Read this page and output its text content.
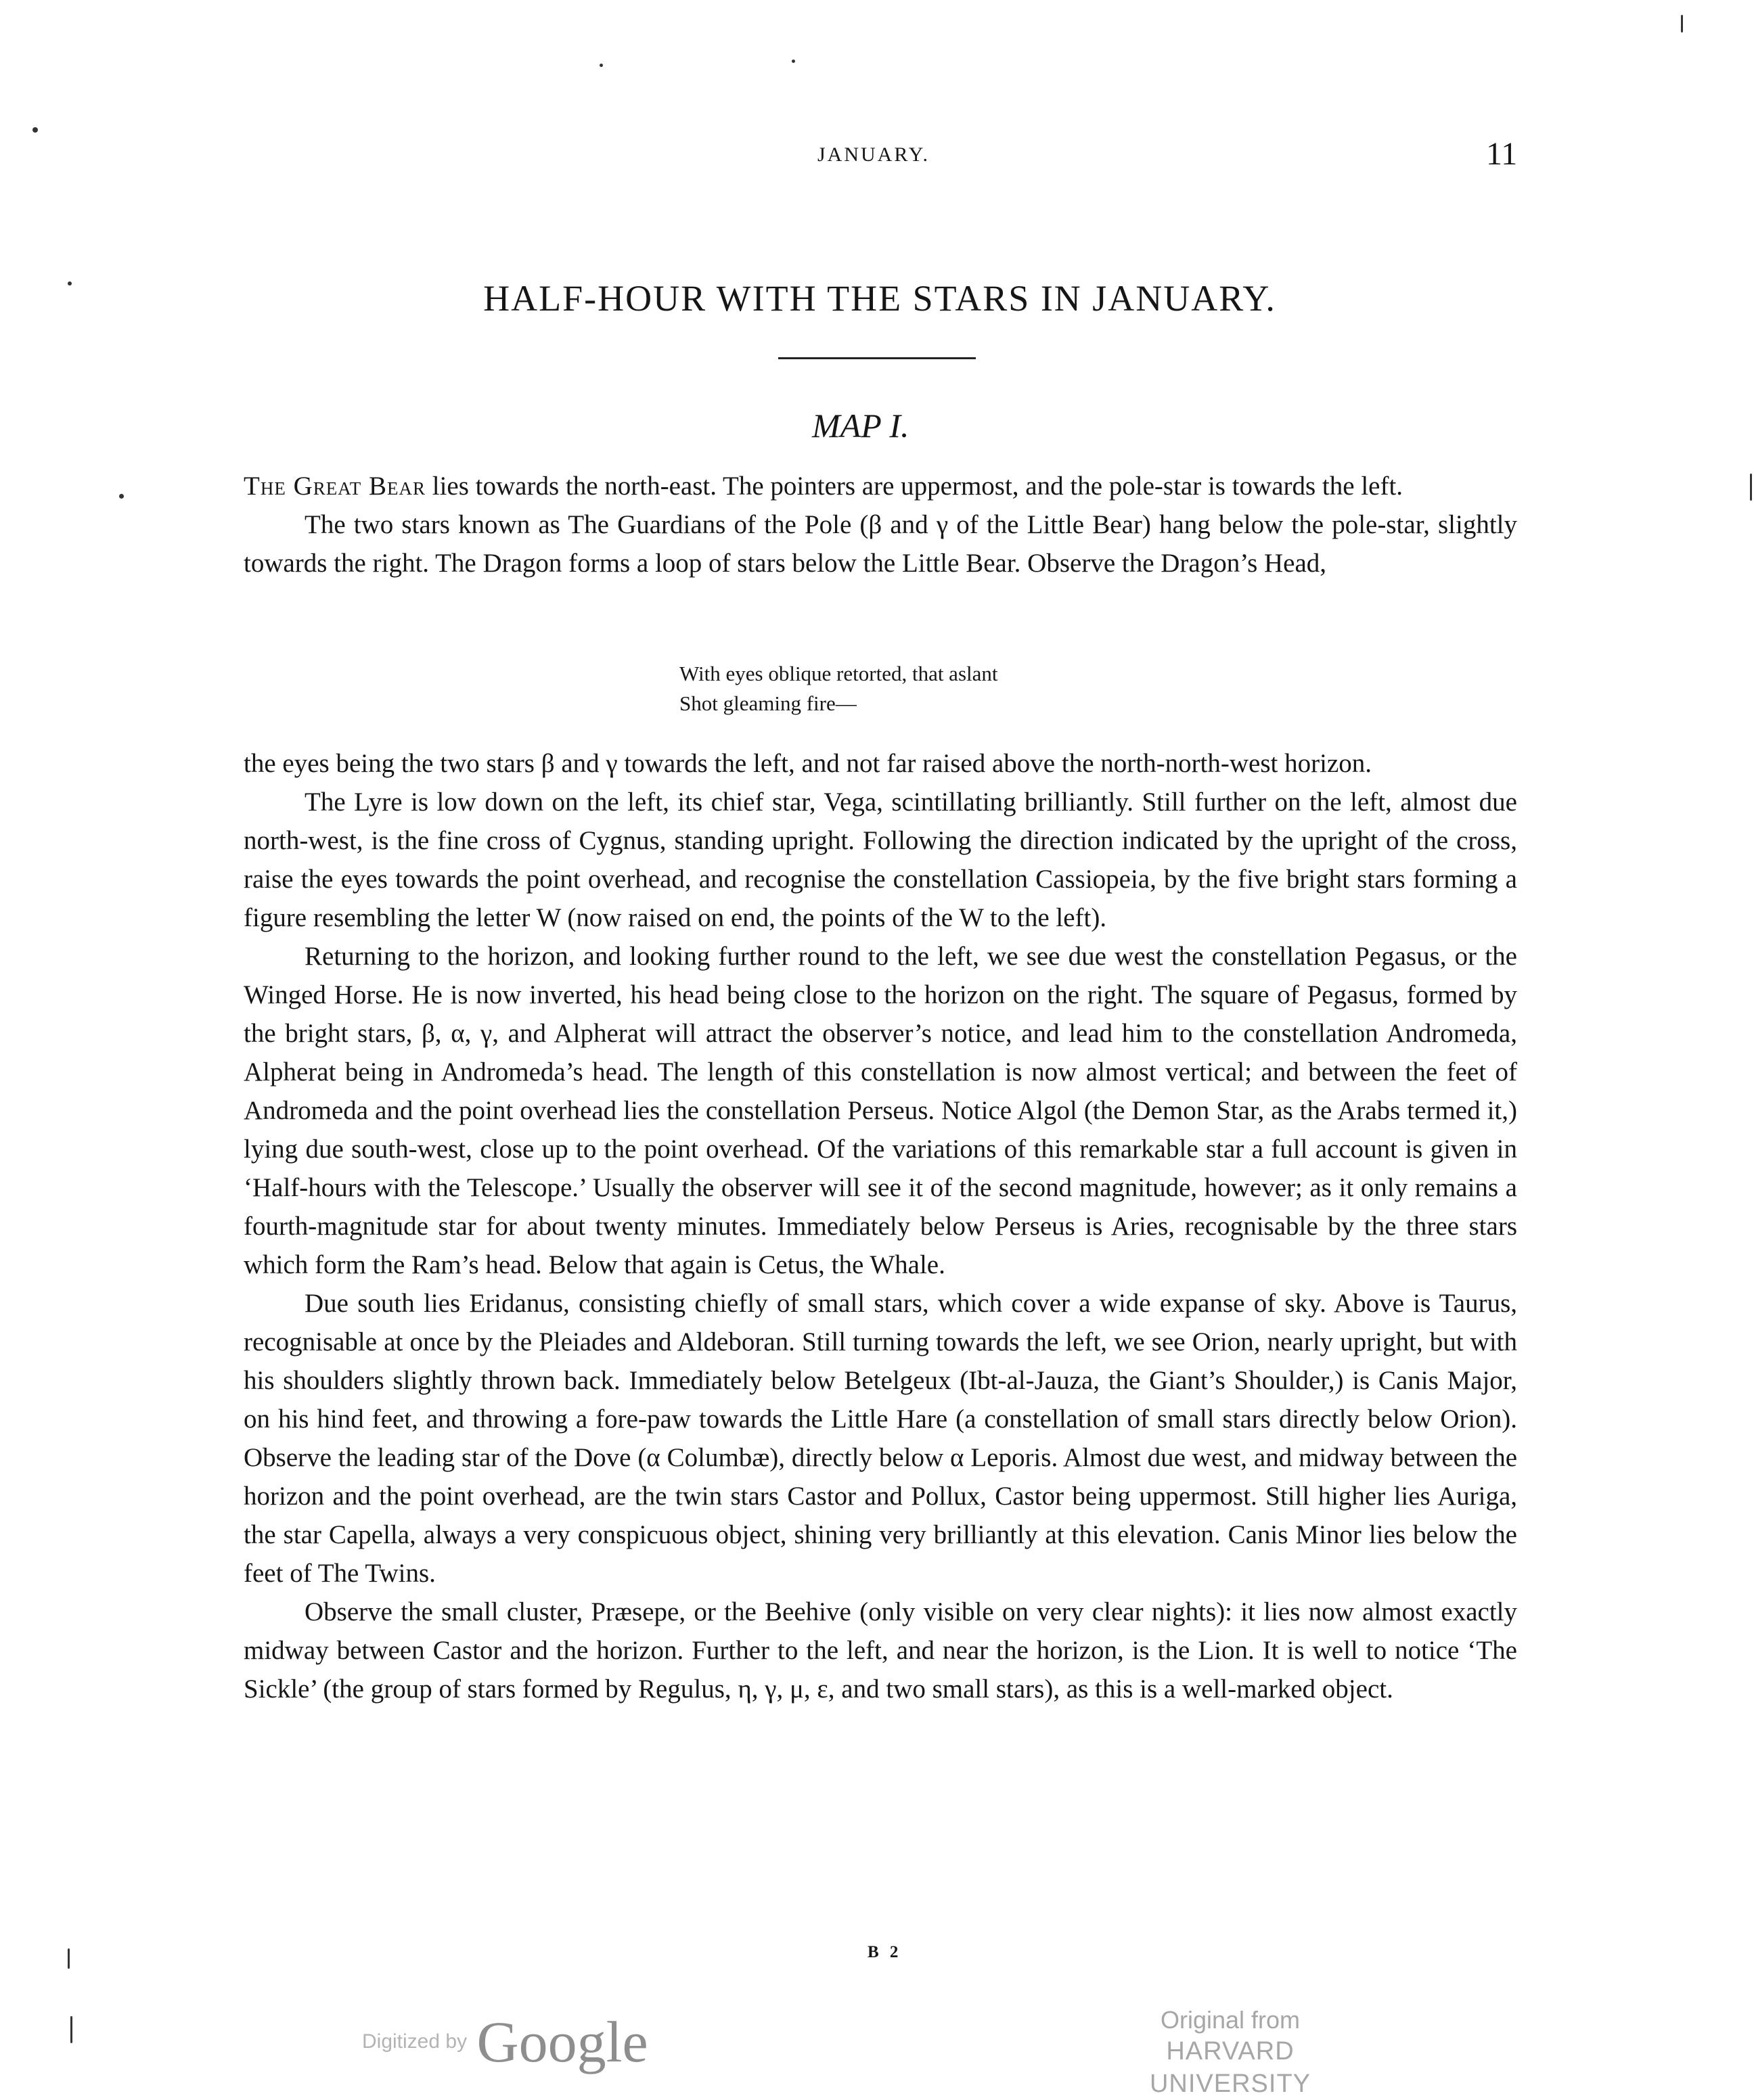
JANUARY.	11
HALF-HOUR WITH THE STARS IN JANUARY.
MAP I.

The Great Bear lies towards the north-east. The pointers are uppermost, and the pole-star is towards the left.

The two stars known as The Guardians of the Pole (β and γ of the Little Bear) hang below the pole-star, slightly towards the right. The Dragon forms a loop of stars below the Little Bear. Observe the Dragon’s Head,

With eyes oblique retorted, that aslant
Shot gleaming fire—

the eyes being the two stars β and γ towards the left, and not far raised above the north-north-west horizon.

The Lyre is low down on the left, its chief star, Vega, scintillating brilliantly. Still further on the left, almost due north-west, is the fine cross of Cygnus, standing upright. Following the direction indicated by the upright of the cross, raise the eyes towards the point overhead, and recognise the constellation Cassiopeia, by the five bright stars forming a figure resembling the letter W (now raised on end, the points of the W to the left).

Returning to the horizon, and looking further round to the left, we see due west the constellation Pegasus, or the Winged Horse. He is now inverted, his head being close to the horizon on the right. The square of Pegasus, formed by the bright stars, β, α, γ, and Alpherat will attract the observer’s notice, and lead him to the constellation Andromeda, Alpherat being in Andromeda’s head. The length of this constellation is now almost vertical; and between the feet of Andromeda and the point overhead lies the constellation Perseus. Notice Algol (the Demon Star, as the Arabs termed it,) lying due south-west, close up to the point overhead. Of the variations of this remarkable star a full account is given in ‘Half-hours with the Telescope.’ Usually the observer will see it of the second magnitude, however; as it only remains a fourth-magnitude star for about twenty minutes. Immediately below Perseus is Aries, recognisable by the three stars which form the Ram’s head. Below that again is Cetus, the Whale.

Due south lies Eridanus, consisting chiefly of small stars, which cover a wide expanse of sky. Above is Taurus, recognisable at once by the Pleiades and Aldeboran. Still turning towards the left, we see Orion, nearly upright, but with his shoulders slightly thrown back. Immediately below Betelgeux (Ibt-al-Jauza, the Giant’s Shoulder,) is Canis Major, on his hind feet, and throwing a fore-paw towards the Little Hare (a constellation of small stars directly below Orion). Observe the leading star of the Dove (α Columbæ), directly below α Leporis. Almost due west, and midway between the horizon and the point overhead, are the twin stars Castor and Pollux, Castor being uppermost. Still higher lies Auriga, the star Capella, always a very conspicuous object, shining very brilliantly at this elevation. Canis Minor lies below the feet of The Twins.

Observe the small cluster, Præsepe, or the Beehive (only visible on very clear nights): it lies now almost exactly midway between Castor and the horizon. Further to the left, and near the horizon, is the Lion. It is well to notice ‘The Sickle’ (the group of stars formed by Regulus, η, γ, μ, ε, and two small stars), as this is a well-marked object.

B 2
Digitized by Google	Original from
HARVARD UNIVERSITY
